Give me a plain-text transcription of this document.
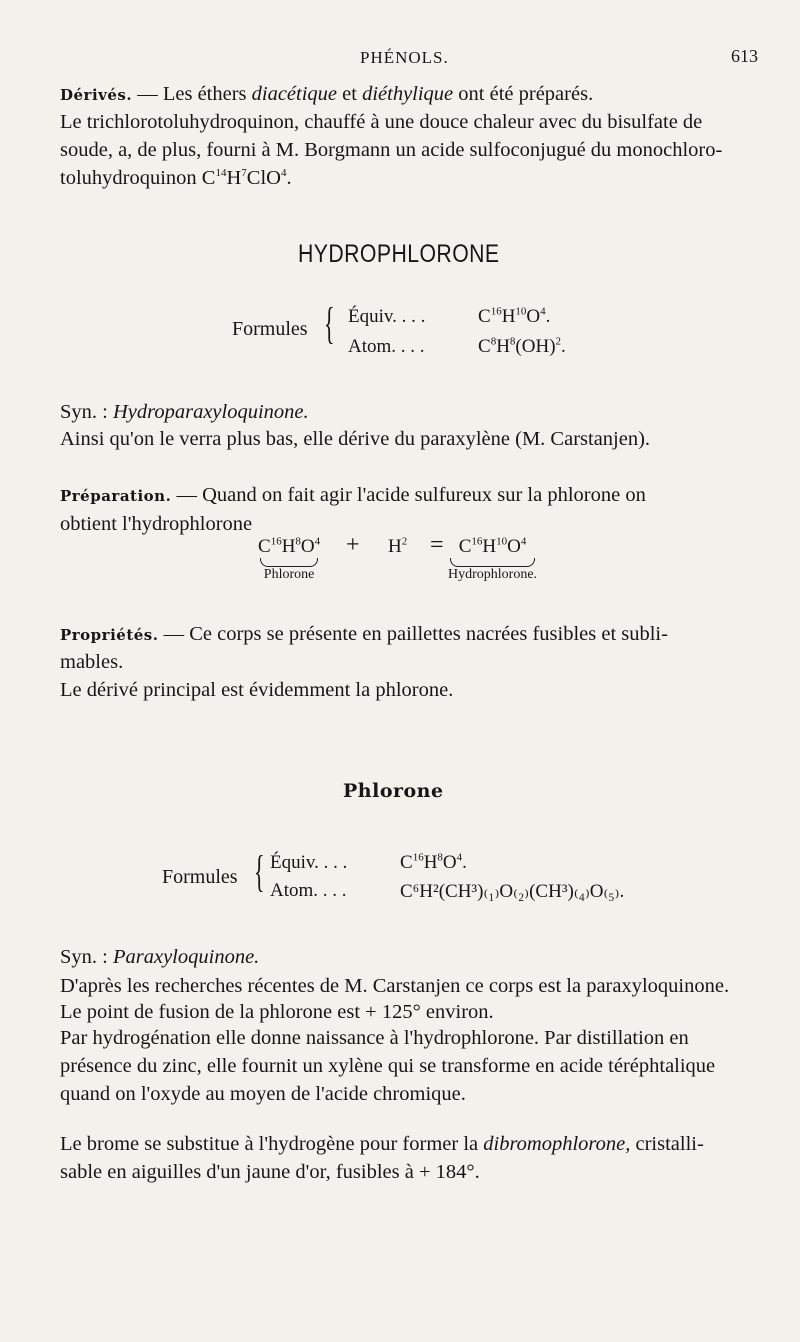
PHÉNOLS.	613
Dérivés. — Les éthers diacétique et diéthylique ont été préparés.
Le trichlorotoluhydroquinon, chauffé à une douce chaleur avec du bisulfate de
soude, a, de plus, fourni à M. Borgmann un acide sulfoconjugué du monochloro-
toluhydroquinon $C^{14}H^7ClO^4$.
HYDROPHLORONE
Formules { Équiv. . . .	$C^{16}H^{10}O^4$.
Atom. . . .	$C^8H^8(OH)^2$.
Syn. : Hydroparaxyloquinone.
Ainsi qu'on le verra plus bas, elle dérive du paraxylène (M. Carstanjen).
Préparation. — Quand on fait agir l'acide sulfureux sur la phlorone on
obtient l'hydrophlorone
$C^{16}H^8O^4$
Phlorone
+ $H^2 = C^{16}H^{10}O^4$
Hydrophlorone.
Propriétés. — Ce corps se présente en paillettes nacrées fusibles et subli-
mables.
Le dérivé principal est évidemment la phlorone.
Phlorone
Formules { Équiv. . . .	$C^{16}H^8O^4$.
Atom. . . .	C⁶H²(CH³)₍₁₎O₍₂₎(CH³)₍₄₎O₍₅₎.
Syn. : Paraxyloquinone.
D'après les recherches récentes de M. Carstanjen ce corps est la paraxyloquinone.
Le point de fusion de la phlorone est + 125° environ.
Par hydrogénation elle donne naissance à l'hydrophlorone. Par distillation en
présence du zinc, elle fournit un xylène qui se transforme en acide téréphtalique
quand on l'oxyde au moyen de l'acide chromique.
Le brome se substitue à l'hydrogène pour former la dibromophlorone, cristalli-
sable en aiguilles d'un jaune d'or, fusibles à + 184°.
